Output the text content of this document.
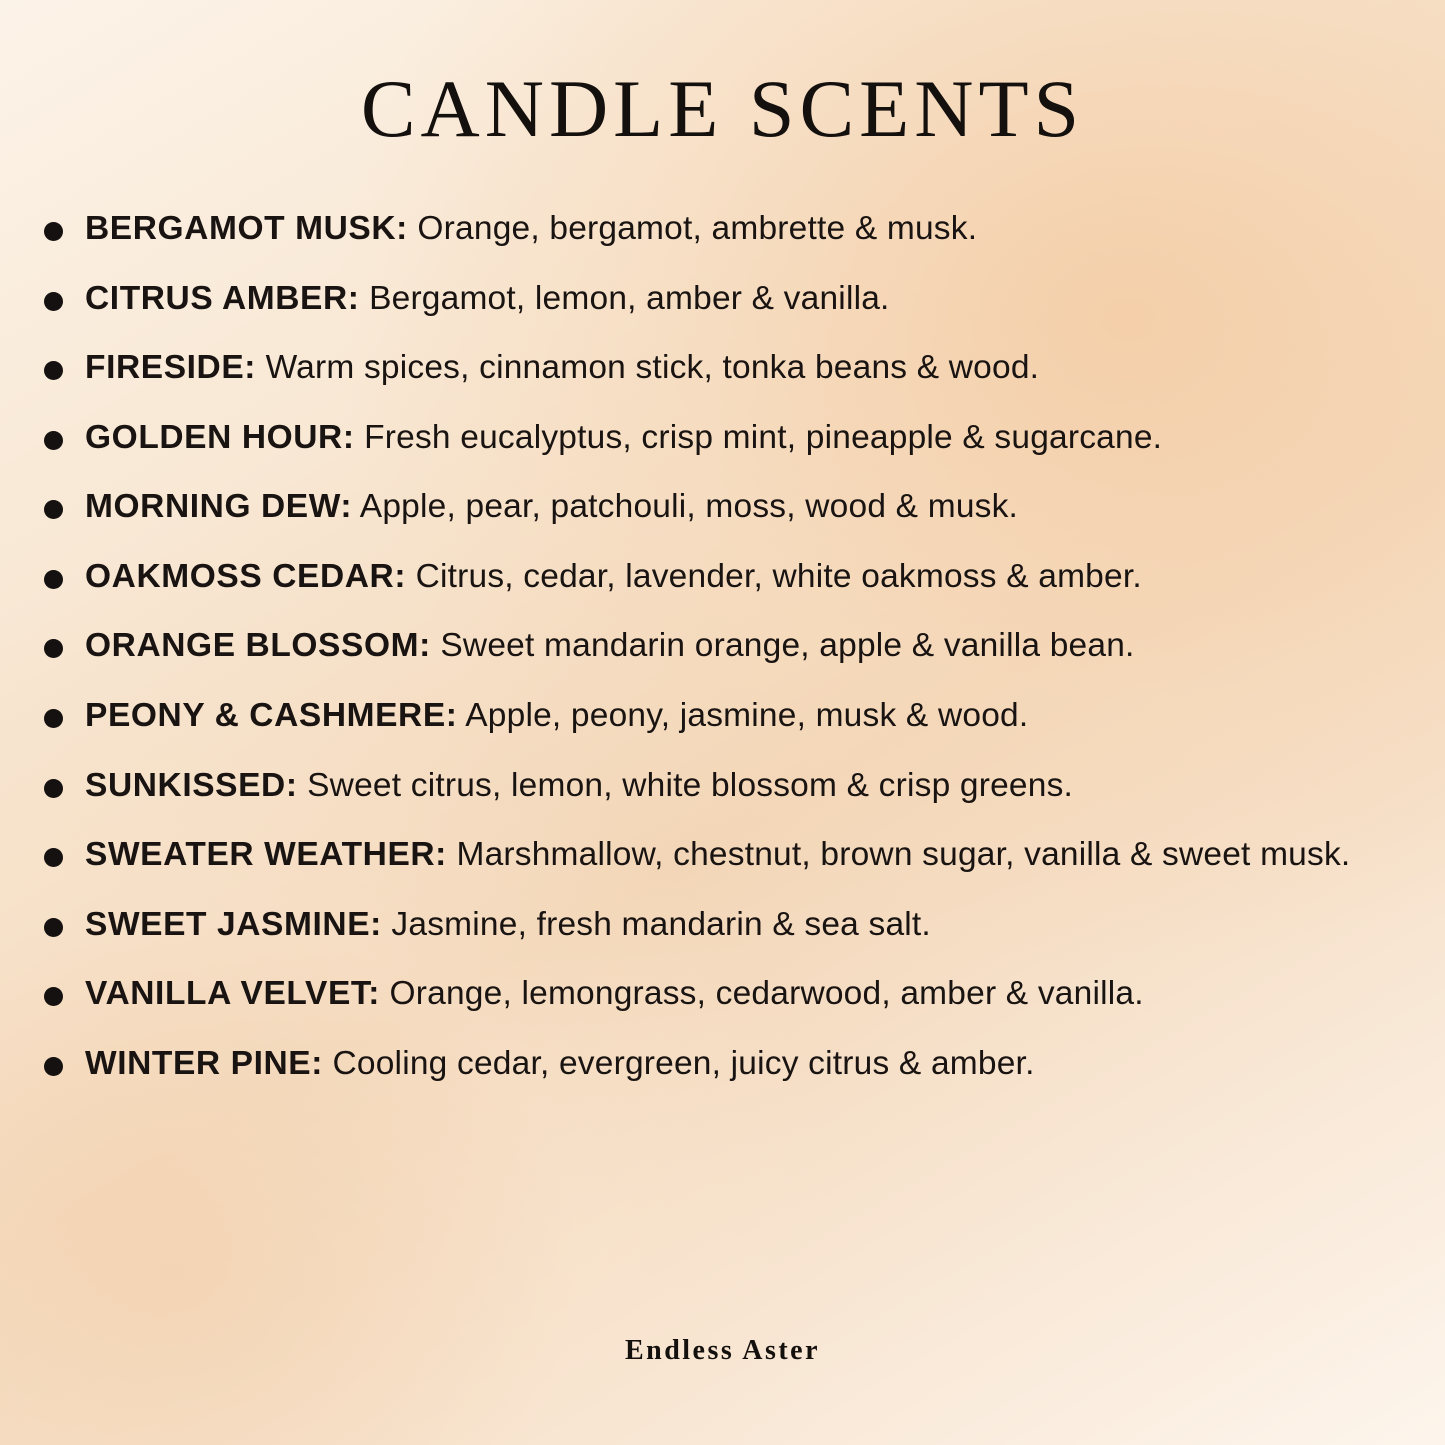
CANDLE SCENTS
BERGAMOT MUSK: Orange, bergamot, ambrette & musk.
CITRUS AMBER: Bergamot, lemon, amber & vanilla.
FIRESIDE: Warm spices, cinnamon stick, tonka beans & wood.
GOLDEN HOUR: Fresh eucalyptus, crisp mint, pineapple & sugarcane.
MORNING DEW: Apple, pear, patchouli, moss, wood & musk.
OAKMOSS CEDAR: Citrus, cedar, lavender, white oakmoss & amber.
ORANGE BLOSSOM: Sweet mandarin orange, apple & vanilla bean.
PEONY & CASHMERE: Apple, peony, jasmine, musk & wood.
SUNKISSED: Sweet citrus, lemon, white blossom & crisp greens.
SWEATER WEATHER: Marshmallow, chestnut, brown sugar, vanilla & sweet musk.
SWEET JASMINE: Jasmine, fresh mandarin & sea salt.
VANILLA VELVET: Orange, lemongrass, cedarwood, amber & vanilla.
WINTER PINE: Cooling cedar, evergreen, juicy citrus & amber.
Endless Aster
